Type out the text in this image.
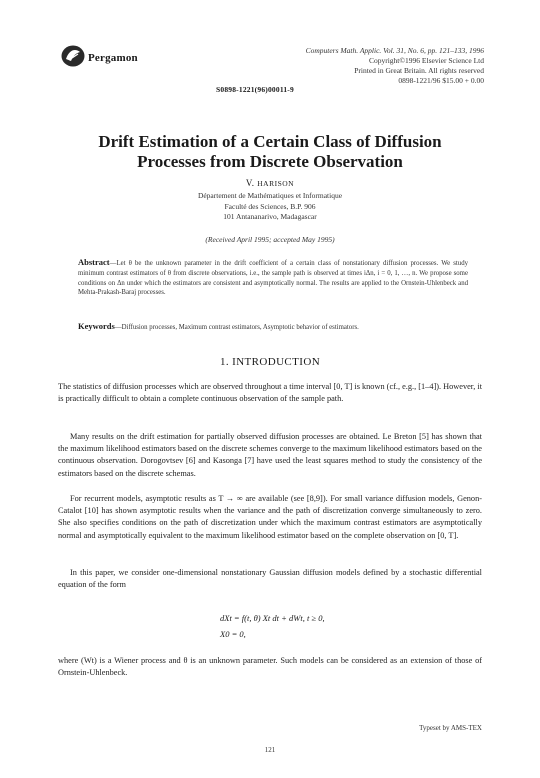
Pergamon
Computers Math. Applic. Vol. 31, No. 6, pp. 121–133, 1996
Copyright©1996 Elsevier Science Ltd
Printed in Great Britain. All rights reserved
0898-1221/96 $15.00 + 0.00
S0898-1221(96)00011-9
Drift Estimation of a Certain Class of Diffusion
Processes from Discrete Observation
V. HARISON
Département de Mathématiques et Informatique
Faculté des Sciences, B.P. 906
101 Antananarivo, Madagascar
(Received April 1995; accepted May 1995)
Abstract—Let θ be the unknown parameter in the drift coefficient of a certain class of nonstationary diffusion processes. We study minimum contrast estimators of θ from discrete observations, i.e., the sample path is observed at times iΔn, i = 0, 1, …, n. We propose some conditions on Δn under which the estimators are consistent and asymptotically normal. The results are applied to the Ornstein-Uhlenbeck and Mehta-Prakash-Baraj processes.
Keywords—Diffusion processes, Maximum contrast estimators, Asymptotic behavior of estimators.
1. INTRODUCTION
The statistics of diffusion processes which are observed throughout a time interval [0, T] is known (cf., e.g., [1–4]). However, it is practically difficult to obtain a complete continuous observation of the sample path.
Many results on the drift estimation for partially observed diffusion processes are obtained. Le Breton [5] has shown that the maximum likelihood estimators based on the discrete schemes converge to the maximum likelihood estimators based on the continuous observation. Dorogovtsev [6] and Kasonga [7] have used the least squares method to study the consistency of the estimators based on the discrete schemas.
For recurrent models, asymptotic results as T → ∞ are available (see [8,9]). For small variance diffusion models, Genon-Catalot [10] has shown asymptotic results when the variance and the path of discretization converge simultaneously to zero. She also specifies conditions on the path of discretization under which the maximum contrast estimators are asymptotically normal and asymptotically equivalent to the maximum likelihood estimator based on the complete observation on [0, T].
In this paper, we consider one-dimensional nonstationary Gaussian diffusion models defined by a stochastic differential equation of the form
dXt = f(t, θ) Xt dt + dWt, t ≥ 0,
X0 = 0,
where (Wt) is a Wiener process and θ is an unknown parameter. Such models can be considered as an extension of those of Ornstein-Uhlenbeck.
Typeset by AMS-TEX
121
